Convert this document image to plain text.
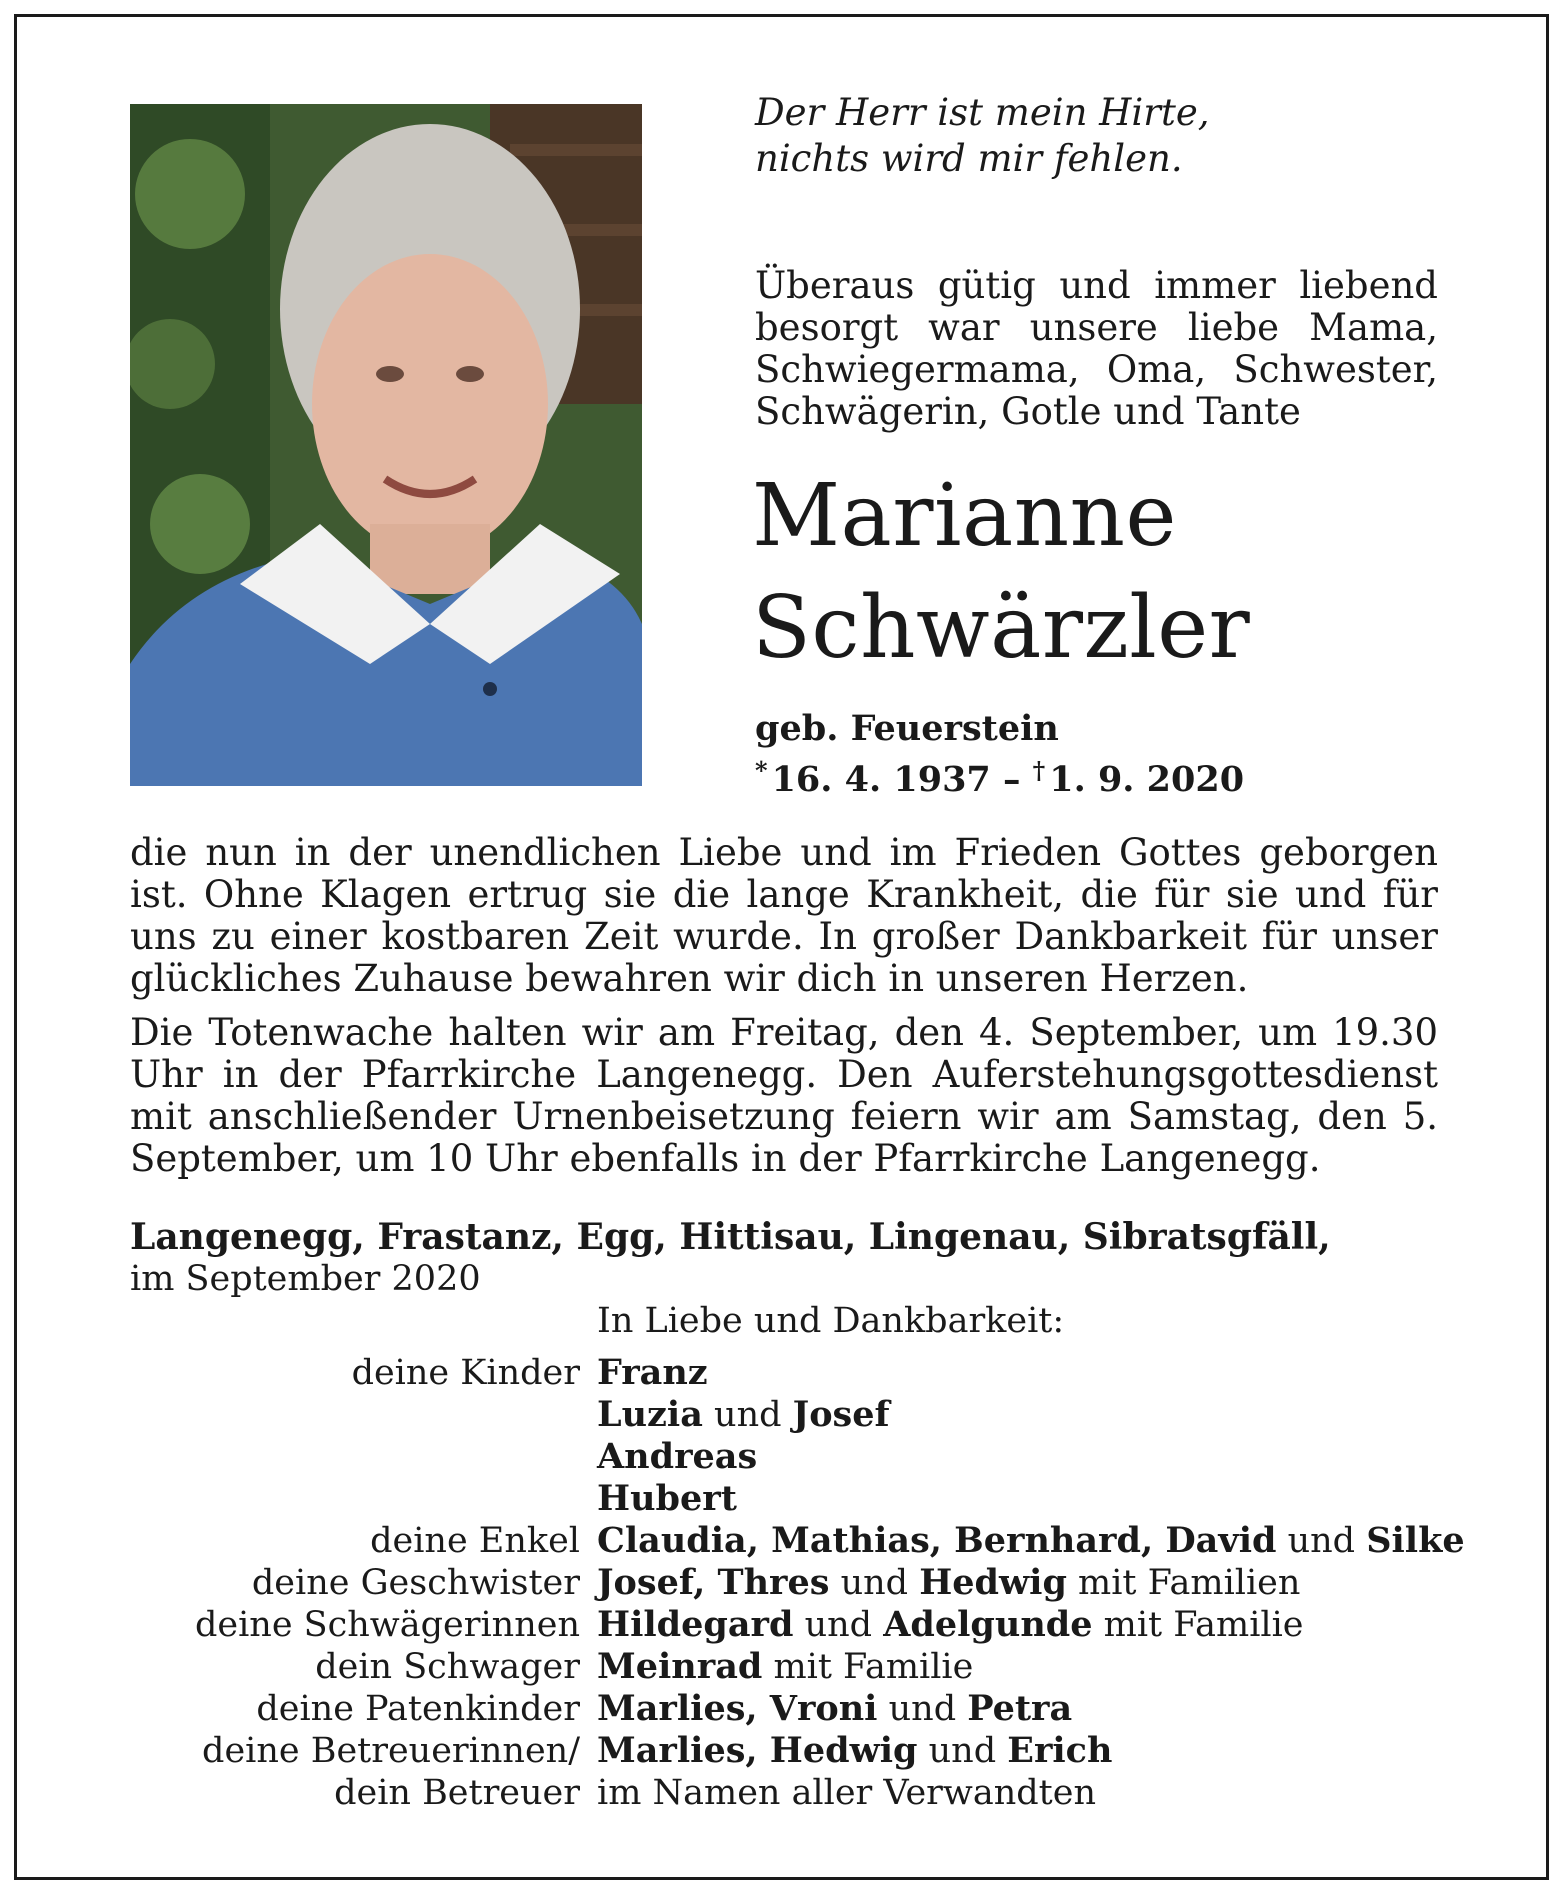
Der Herr ist mein Hirte,
nichts wird mir fehlen.
Überaus gütig und immer liebend besorgt war unsere liebe Mama, Schwiegermama, Oma, Schwester, Schwägerin, Gotle und Tante
Marianne
Schwärzler
geb. Feuerstein
* 16. 4. 1937 – † 1. 9. 2020
die nun in der unendlichen Liebe und im Frieden Gottes geborgen ist. Ohne Klagen ertrug sie die lange Krankheit, die für sie und für uns zu einer kostbaren Zeit wurde. In großer Dankbarkeit für unser glückliches Zuhause bewahren wir dich in unseren Herzen.
Die Totenwache halten wir am Freitag, den 4. September, um 19.30 Uhr in der Pfarrkirche Langenegg. Den Auferstehungsgottesdienst mit anschließender Urnenbeisetzung feiern wir am Samstag, den 5. September, um 10 Uhr ebenfalls in der Pfarrkirche Langenegg.
Langenegg, Frastanz, Egg, Hittisau, Lingenau, Sibratsgfäll,
im September 2020
In Liebe und Dankbarkeit:
deine Kinder Franz
Luzia und Josef
Andreas
Hubert
deine Enkel Claudia, Mathias, Bernhard, David und Silke
deine Geschwister Josef, Thres und Hedwig mit Familien
deine Schwägerinnen Hildegard und Adelgunde mit Familie
dein Schwager Meinrad mit Familie
deine Patenkinder Marlies, Vroni und Petra
deine Betreuerinnen/ Marlies, Hedwig und Erich
dein Betreuer im Namen aller Verwandten
